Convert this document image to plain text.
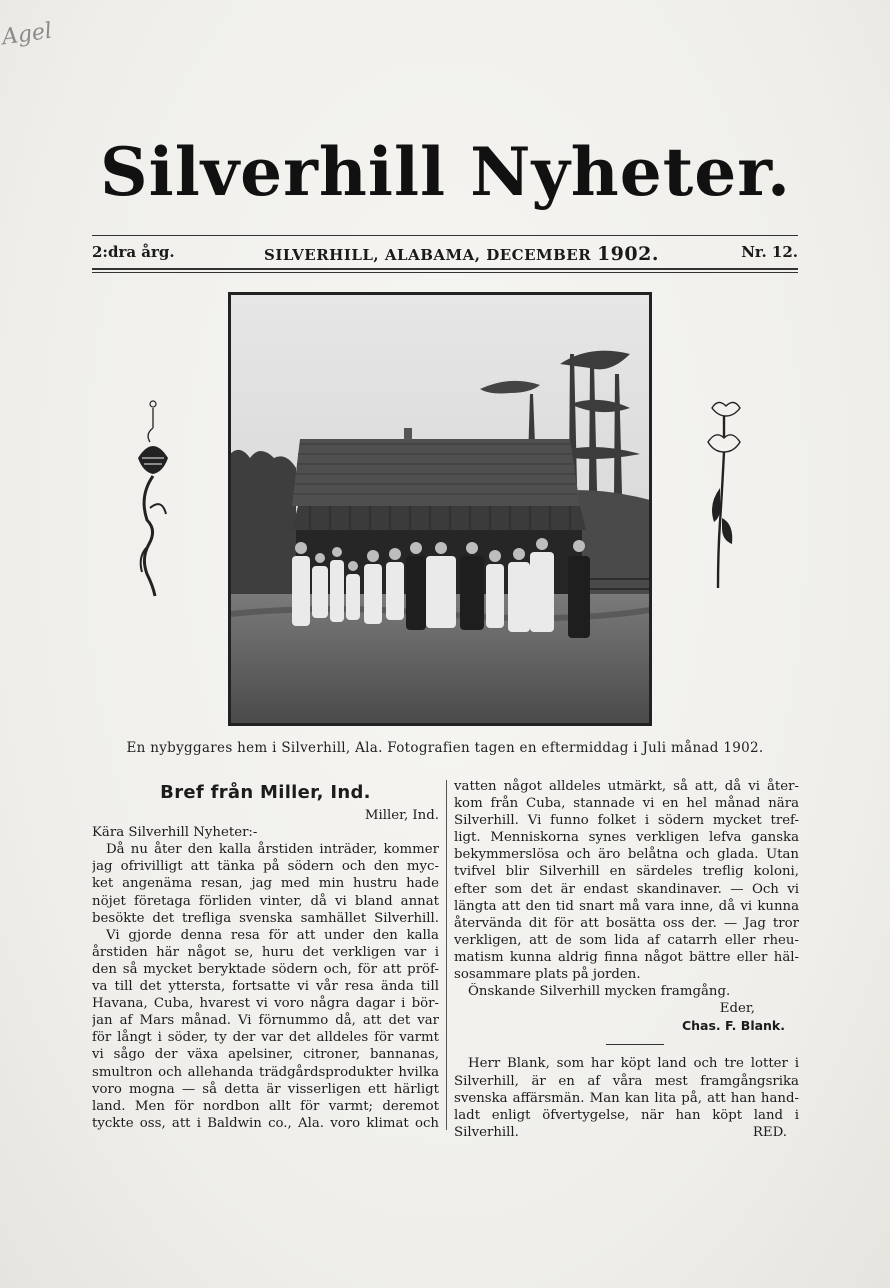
Agel
Silverhill Nyheter.
2:dra årg.	SILVERHILL, ALABAMA, DECEMBER 1902.	Nr. 12.
En nybyggares hem i Silverhill, Ala. Fotografien tagen en eftermiddag i Juli månad 1902.
Bref från Miller, Ind.
Miller, Ind.
Kära Silverhill Nyheter:-
Då nu åter den kalla årstiden inträder, kommer
jag ofrivilligt att tänka på södern och den myc-
ket angenäma resan, jag med min hustru hade
nöjet företaga förliden vinter, då vi bland annat
besökte det trefliga svenska samhället Silverhill.
Vi gjorde denna resa för att under den kalla
årstiden här något se, huru det verkligen var i
den så mycket beryktade södern och, för att pröf-
va till det yttersta, fortsatte vi vår resa ända till
Havana, Cuba, hvarest vi voro några dagar i bör-
jan af Mars månad. Vi förnummo då, att det var
för långt i söder, ty der var det alldeles för varmt
vi sågo der växa apelsiner, citroner, bannanas,
smultron och allehanda trädgårdsprodukter hvilka
voro mogna — så detta är visserligen ett härligt
land. Men för nordbon allt för varmt; deremot
tyckte oss, att i Baldwin co., Ala. voro klimat och
vatten något alldeles utmärkt, så att, då vi åter-
kom från Cuba, stannade vi en hel månad nära
Silverhill. Vi funno folket i södern mycket tref-
ligt. Menniskorna synes verkligen lefva ganska
bekymmerslösa och äro belåtna och glada. Utan
tvifvel blir Silverhill en särdeles treflig koloni,
efter som det är endast skandinaver. — Och vi
längta att den tid snart må vara inne, då vi kunna
återvända dit för att bosätta oss der. — Jag tror
verkligen, att de som lida af catarrh eller rheu-
matism kunna aldrig finna något bättre eller häl-
sosammare plats på jorden.
Önskande Silverhill mycken framgång.
Eder,
Chas. F. Blank.
Herr Blank, som har köpt land och tre lotter i
Silverhill, är en af våra mest framgångsrika
svenska affärsmän. Man kan lita på, att han hand-
ladt enligt öfvertygelse, när han köpt land i
Silverhill.	RED.
